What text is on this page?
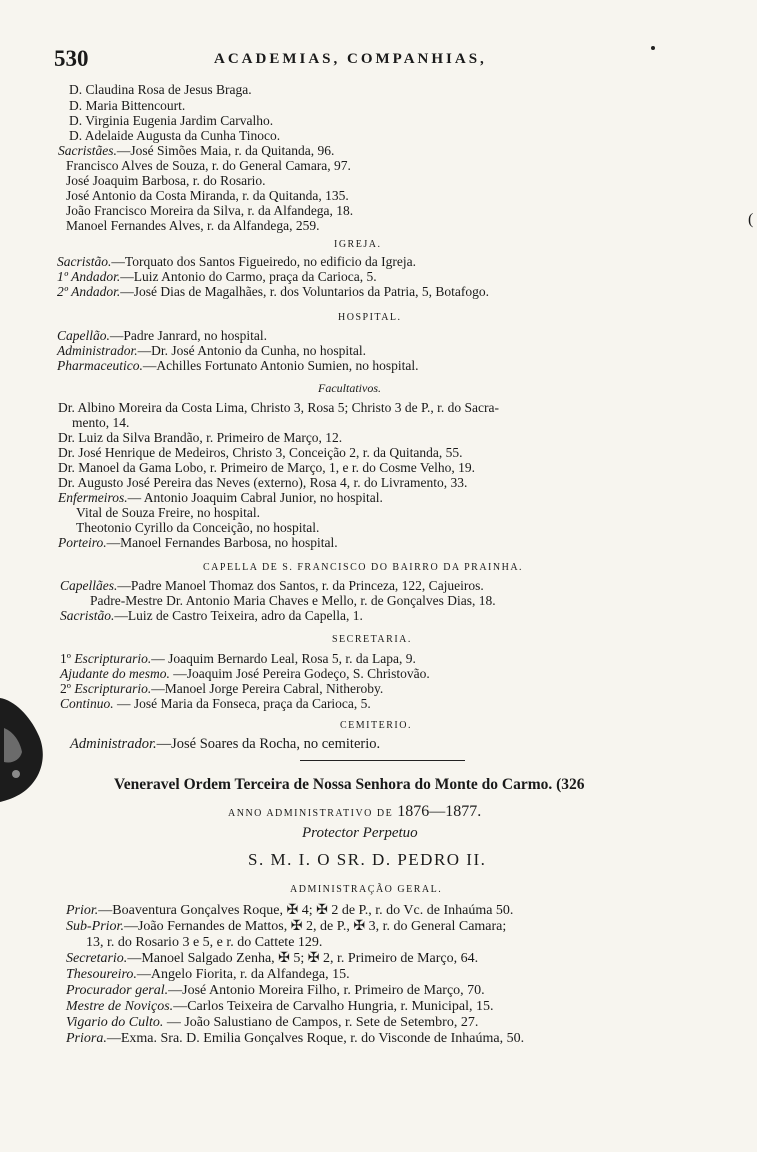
530	ACADEMIAS, COMPANHIAS,
(
D. Claudina Rosa de Jesus Braga.
D. Maria Bittencourt.
D. Virginia Eugenia Jardim Carvalho.
D. Adelaide Augusta da Cunha Tinoco.
Sacristães.—José Simões Maia, r. da Quitanda, 96.
Francisco Alves de Souza, r. do General Camara, 97.
José Joaquim Barbosa, r. do Rosario.
José Antonio da Costa Miranda, r. da Quitanda, 135.
João Francisco Moreira da Silva, r. da Alfandega, 18.
Manoel Fernandes Alves, r. da Alfandega, 259.
IGREJA.
Sacristão.—Torquato dos Santos Figueiredo, no edificio da Igreja.
1º Andador.—Luiz Antonio do Carmo, praça da Carioca, 5.
2º Andador.—José Dias de Magalhães, r. dos Voluntarios da Patria, 5, Botafogo.
HOSPITAL.
Capellão.—Padre Janrard, no hospital.
Administrador.—Dr. José Antonio da Cunha, no hospital.
Pharmaceutico.—Achilles Fortunato Antonio Sumien, no hospital.
Facultativos.
Dr. Albino Moreira da Costa Lima, Christo 3, Rosa 5; Christo 3 de P., r. do Sacra-
mento, 14.
Dr. Luiz da Silva Brandão, r. Primeiro de Março, 12.
Dr. José Henrique de Medeiros, Christo 3, Conceição 2, r. da Quitanda, 55.
Dr. Manoel da Gama Lobo, r. Primeiro de Março, 1, e r. do Cosme Velho, 19.
Dr. Augusto José Pereira das Neves (externo), Rosa 4, r. do Livramento, 33.
Enfermeiros.— Antonio Joaquim Cabral Junior, no hospital.
Vital de Souza Freire, no hospital.
Theotonio Cyrillo da Conceição, no hospital.
Porteiro.—Manoel Fernandes Barbosa, no hospital.
CAPELLA DE S. FRANCISCO DO BAIRRO DA PRAINHA.
Capellães.—Padre Manoel Thomaz dos Santos, r. da Princeza, 122, Cajueiros.
Padre-Mestre Dr. Antonio Maria Chaves e Mello, r. de Gonçalves Dias, 18.
Sacristão.—Luiz de Castro Teixeira, adro da Capella, 1.
SECRETARIA.
1º Escripturario.— Joaquim Bernardo Leal, Rosa 5, r. da Lapa, 9.
Ajudante do mesmo. —Joaquim José Pereira Godeço, S. Christovão.
2º Escripturario.—Manoel Jorge Pereira Cabral, Nitheroby.
Continuo. — José Maria da Fonseca, praça da Carioca, 5.
CEMITERIO.
Administrador.—José Soares da Rocha, no cemiterio.
Veneravel Ordem Terceira de Nossa Senhora do Monte do Carmo. (326
ANNO ADMINISTRATIVO DE 1876—1877.
Protector Perpetuo
S. M. I. O SR. D. PEDRO II.
ADMINISTRAÇÃO GERAL.
Prior.—Boaventura Gonçalves Roque, ✠ 4; ✠ 2 de P., r. do Vc. de Inhaúma 50.
Sub-Prior.—João Fernandes de Mattos, ✠ 2, de P., ✠ 3, r. do General Camara;
13, r. do Rosario 3 e 5, e r. do Cattete 129.
Secretario.—Manoel Salgado Zenha, ✠ 5; ✠ 2, r. Primeiro de Março, 64.
Thesoureiro.—Angelo Fiorita, r. da Alfandega, 15.
Procurador geral.—José Antonio Moreira Filho, r. Primeiro de Março, 70.
Mestre de Noviços.—Carlos Teixeira de Carvalho Hungria, r. Municipal, 15.
Vigario do Culto. — João Salustiano de Campos, r. Sete de Setembro, 27.
Priora.—Exma. Sra. D. Emilia Gonçalves Roque, r. do Visconde de Inhaúma, 50.
